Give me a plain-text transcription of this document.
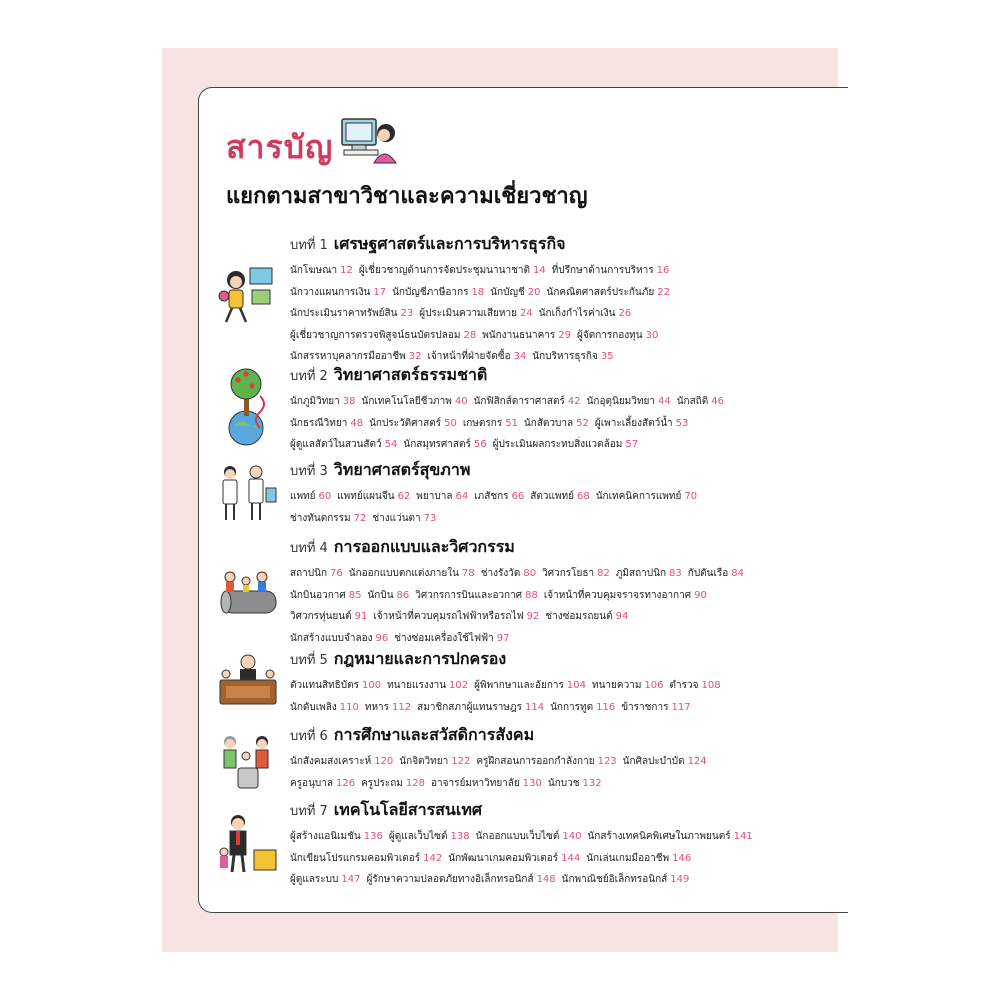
สารบัญ
แยกตามสาขาวิชาและความเชี่ยวชาญ
บทที่ 1 เศรษฐศาสตร์และการบริหารธุรกิจ
นักโฆษณา 12 ผู้เชี่ยวชาญด้านการจัดประชุมนานาชาติ 14 ที่ปรึกษาด้านการบริหาร 16
นักวางแผนการเงิน 17 นักบัญชีภาษีอากร 18 นักบัญชี 20 นักคณิตศาสตร์ประกันภัย 22
นักประเมินราคาทรัพย์สิน 23 ผู้ประเมินความเสียหาย 24 นักเก็งกำไรค่าเงิน 26
ผู้เชี่ยวชาญการตรวจพิสูจน์ธนบัตรปลอม 28 พนักงานธนาคาร 29 ผู้จัดการกองทุน 30
นักสรรหาบุคลากรมืออาชีพ 32 เจ้าหน้าที่ฝ่ายจัดซื้อ 34 นักบริหารธุรกิจ 35
บทที่ 2 วิทยาศาสตร์ธรรมชาติ
นักภูมิวิทยา 38 นักเทคโนโลยีชีวภาพ 40 นักฟิสิกส์ดาราศาสตร์ 42 นักอุตุนิยมวิทยา 44 นักสถิติ 46
นักธรณีวิทยา 48 นักประวัติศาสตร์ 50 เกษตรกร 51 นักสัตวบาล 52 ผู้เพาะเลี้ยงสัตว์น้ำ 53
ผู้ดูแลสัตว์ในสวนสัตว์ 54 นักสมุทรศาสตร์ 56 ผู้ประเมินผลกระทบสิ่งแวดล้อม 57
บทที่ 3 วิทยาศาสตร์สุขภาพ
แพทย์ 60 แพทย์แผนจีน 62 พยาบาล 64 เภสัชกร 66 สัตวแพทย์ 68 นักเทคนิคการแพทย์ 70
ช่างทันตกรรม 72 ช่างแว่นตา 73
บทที่ 4 การออกแบบและวิศวกรรม
สถาปนิก 76 นักออกแบบตกแต่งภายใน 78 ช่างรังวัด 80 วิศวกรโยธา 82 ภูมิสถาปนิก 83 กัปตันเรือ 84
นักบินอวกาศ 85 นักบิน 86 วิศวกรการบินและอวกาศ 88 เจ้าหน้าที่ควบคุมจราจรทางอากาศ 90
วิศวกรหุ่นยนต์ 91 เจ้าหน้าที่ควบคุมรถไฟฟ้าหรือรถไฟ 92 ช่างซ่อมรถยนต์ 94
นักสร้างแบบจำลอง 96 ช่างซ่อมเครื่องใช้ไฟฟ้า 97
บทที่ 5 กฎหมายและการปกครอง
ตัวแทนสิทธิบัตร 100 ทนายแรงงาน 102 ผู้พิพากษาและอัยการ 104 ทนายความ 106 ตำรวจ 108
นักดับเพลิง 110 ทหาร 112 สมาชิกสภาผู้แทนราษฎร 114 นักการทูต 116 ข้าราชการ 117
บทที่ 6 การศึกษาและสวัสดิการสังคม
นักสังคมสงเคราะห์ 120 นักจิตวิทยา 122 ครูฝึกสอนการออกกำลังกาย 123 นักศิลปะบำบัด 124
ครูอนุบาล 126 ครูประถม 128 อาจารย์มหาวิทยาลัย 130 นักบวช 132
บทที่ 7 เทคโนโลยีสารสนเทศ
ผู้สร้างแอนิเมชัน 136 ผู้ดูแลเว็บไซต์ 138 นักออกแบบเว็บไซต์ 140 นักสร้างเทคนิคพิเศษในภาพยนตร์ 141
นักเขียนโปรแกรมคอมพิวเตอร์ 142 นักพัฒนาเกมคอมพิวเตอร์ 144 นักเล่นเกมมืออาชีพ 146
ผู้ดูแลระบบ 147 ผู้รักษาความปลอดภัยทางอิเล็กทรอนิกส์ 148 นักพาณิชย์อิเล็กทรอนิกส์ 149
